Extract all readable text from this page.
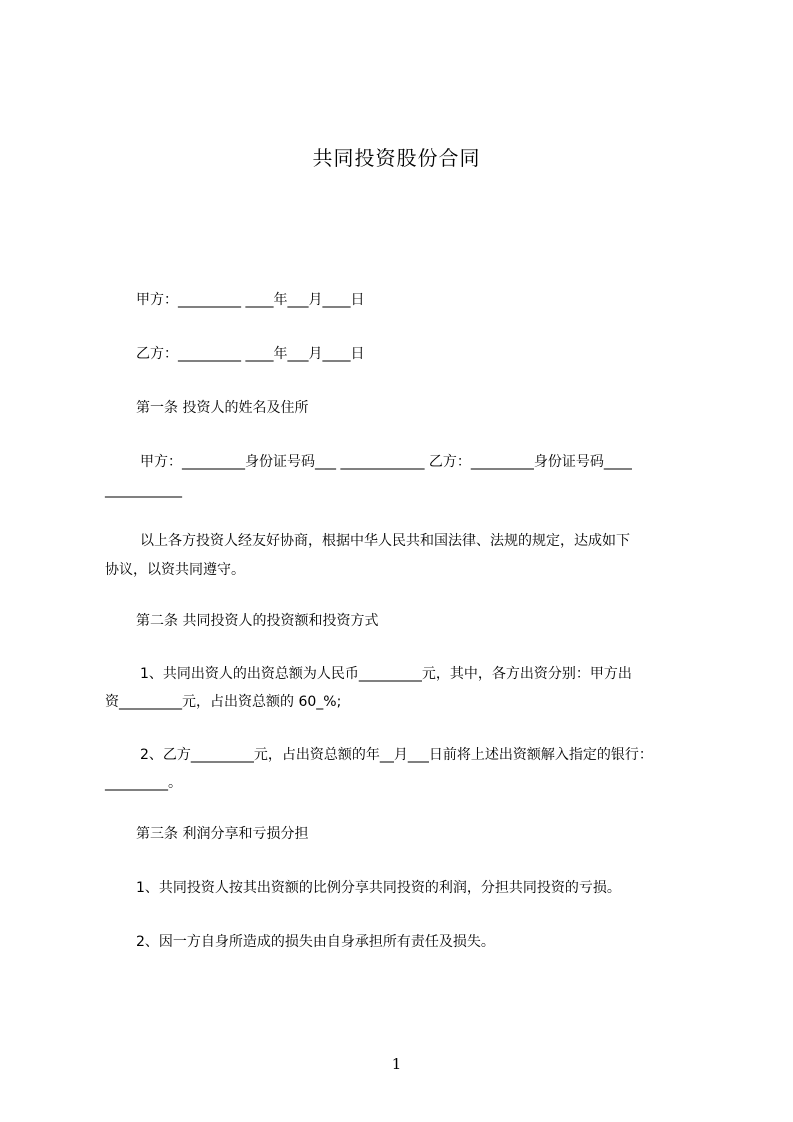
共同投资股份合同
甲方：_________ ____年___月____日
乙方：_________ ____年___月____日
第一条 投资人的姓名及住所
甲方：_________身份证号码___ ____________ 乙方：_________身份证号码____
___________
以上各方投资人经友好协商，根据中华人民共和国法律、法规的规定，达成如下
协议，以资共同遵守。
第二条 共同投资人的投资额和投资方式
1、共同出资人的出资总额为人民币_________元，其中，各方出资分别：甲方出
资_________元，占出资总额的 60_%;
2、乙方_________元，占出资总额的年__月___日前将上述出资额解入指定的银行：
_________。
第三条 利润分享和亏损分担
1、共同投资人按其出资额的比例分享共同投资的利润，分担共同投资的亏损。
2、因一方自身所造成的损失由自身承担所有责任及损失。
1
